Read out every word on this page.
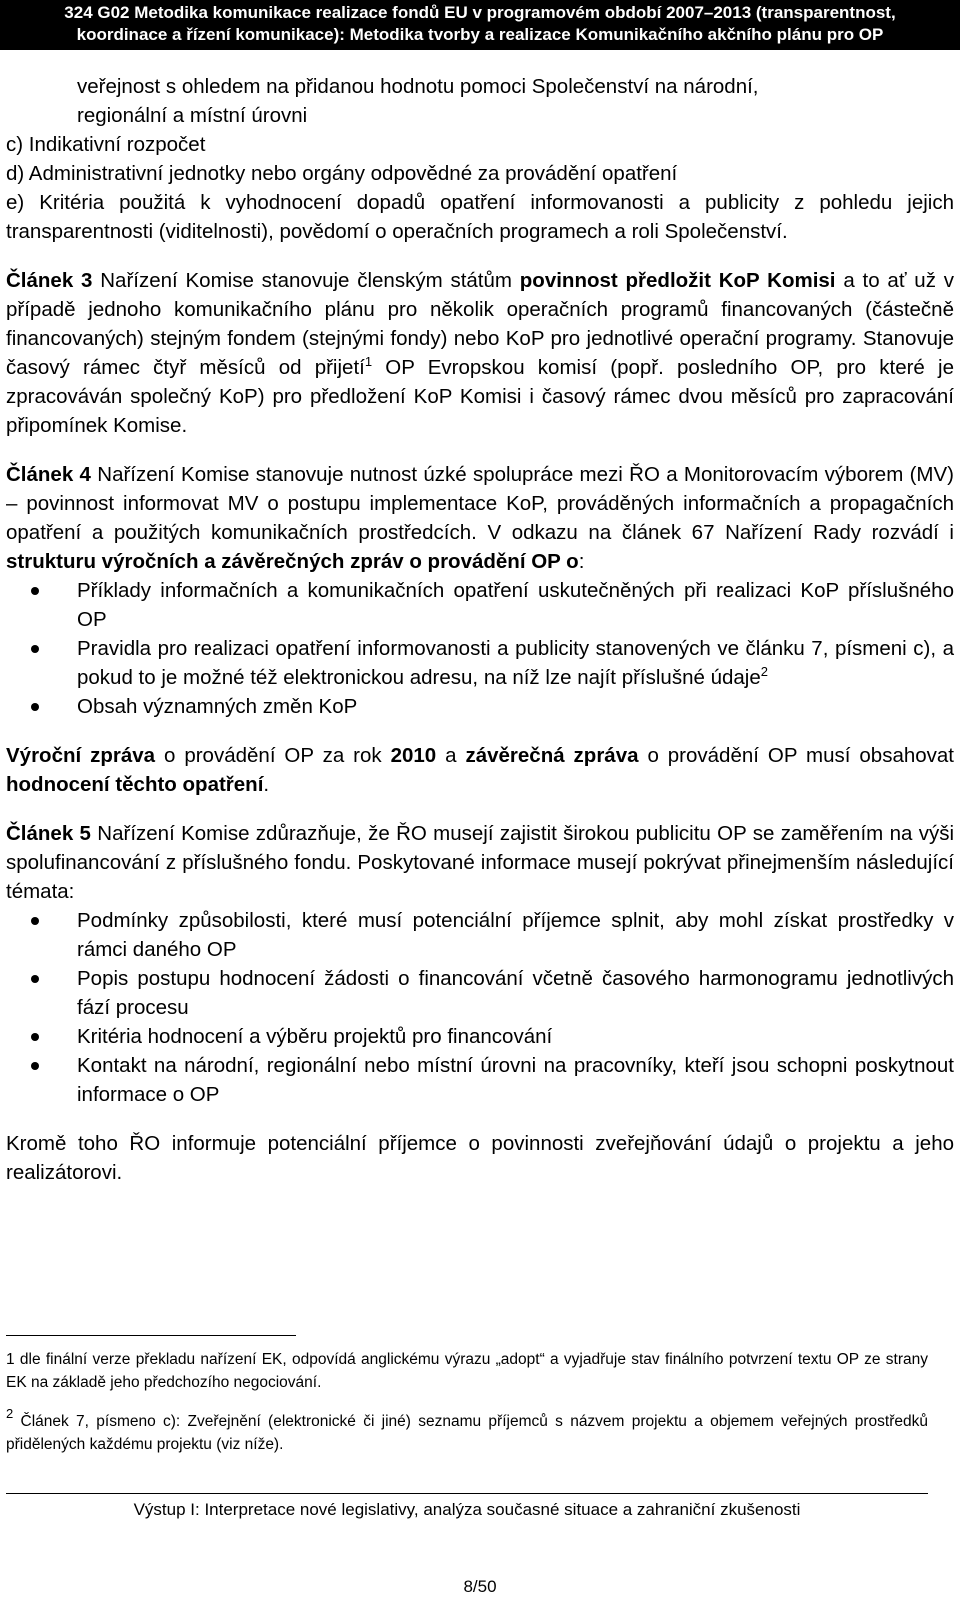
324 G02 Metodika komunikace realizace fondů EU v programovém období 2007–2013 (transparentnost,
koordinace a řízení komunikace): Metodika tvorby a realizace Komunikačního akčního plánu pro OP
veřejnost s ohledem na přidanou hodnotu pomoci Společenství na národní,
regionální a místní úrovni
c) Indikativní rozpočet
d) Administrativní jednotky nebo orgány odpovědné za provádění opatření
e) Kritéria použitá k vyhodnocení dopadů opatření informovanosti a publicity z pohledu jejich transparentnosti (viditelnosti), povědomí o operačních programech a roli Společenství.

Článek 3 Nařízení Komise stanovuje členským státům povinnost předložit KoP Komisi a to ať už v případě jednoho komunikačního plánu pro několik operačních programů financovaných (částečně financovaných) stejným fondem (stejnými fondy) nebo KoP pro jednotlivé operační programy. Stanovuje časový rámec čtyř měsíců od přijetí$^1$ OP Evropskou komisí (popř. posledního OP, pro které je zpracováván společný KoP) pro předložení KoP Komisi i časový rámec dvou měsíců pro zapracování připomínek Komise.

Článek 4 Nařízení Komise stanovuje nutnost úzké spolupráce mezi ŘO a Monitorovacím výborem (MV) – povinnost informovat MV o postupu implementace KoP, prováděných informačních a propagačních opatření a použitých komunikačních prostředcích. V odkazu na článek 67 Nařízení Rady rozvádí i strukturu výročních a závěrečných zpráv o provádění OP o:

Příklady informačních a komunikačních opatření uskutečněných při realizaci KoP příslušného OP
Pravidla pro realizaci opatření informovanosti a publicity stanovených ve článku 7, písmeni c), a pokud to je možné též elektronickou adresu, na níž lze najít příslušné údaje$^2$
Obsah významných změn KoP

Výroční zpráva o provádění OP za rok 2010 a závěrečná zpráva o provádění OP musí obsahovat hodnocení těchto opatření.

Článek 5 Nařízení Komise zdůrazňuje, že ŘO musejí zajistit širokou publicitu OP se zaměřením na výši spolufinancování z příslušného fondu. Poskytované informace musejí pokrývat přinejmenším následující témata:

Podmínky způsobilosti, které musí potenciální příjemce splnit, aby mohl získat prostředky v rámci daného OP
Popis postupu hodnocení žádosti o financování včetně časového harmonogramu jednotlivých fází procesu
Kritéria hodnocení a výběru projektů pro financování
Kontakt na národní, regionální nebo místní úrovni na pracovníky, kteří jsou schopni poskytnout informace o OP

Kromě toho ŘO informuje potenciální příjemce o povinnosti zveřejňování údajů o projektu a jeho realizátorovi.

1 dle finální verze překladu nařízení EK, odpovídá anglickému výrazu „adopt“ a vyjadřuje stav finálního potvrzení textu OP ze strany EK na základě jeho předchozího negociování.

$^2$ Článek 7, písmeno c): Zveřejnění (elektronické či jiné) seznamu příjemců s názvem projektu a objemem veřejných prostředků přidělených každému projektu (viz níže).

Výstup I: Interpretace nové legislativy, analýza současné situace a zahraniční zkušenosti
8/50
